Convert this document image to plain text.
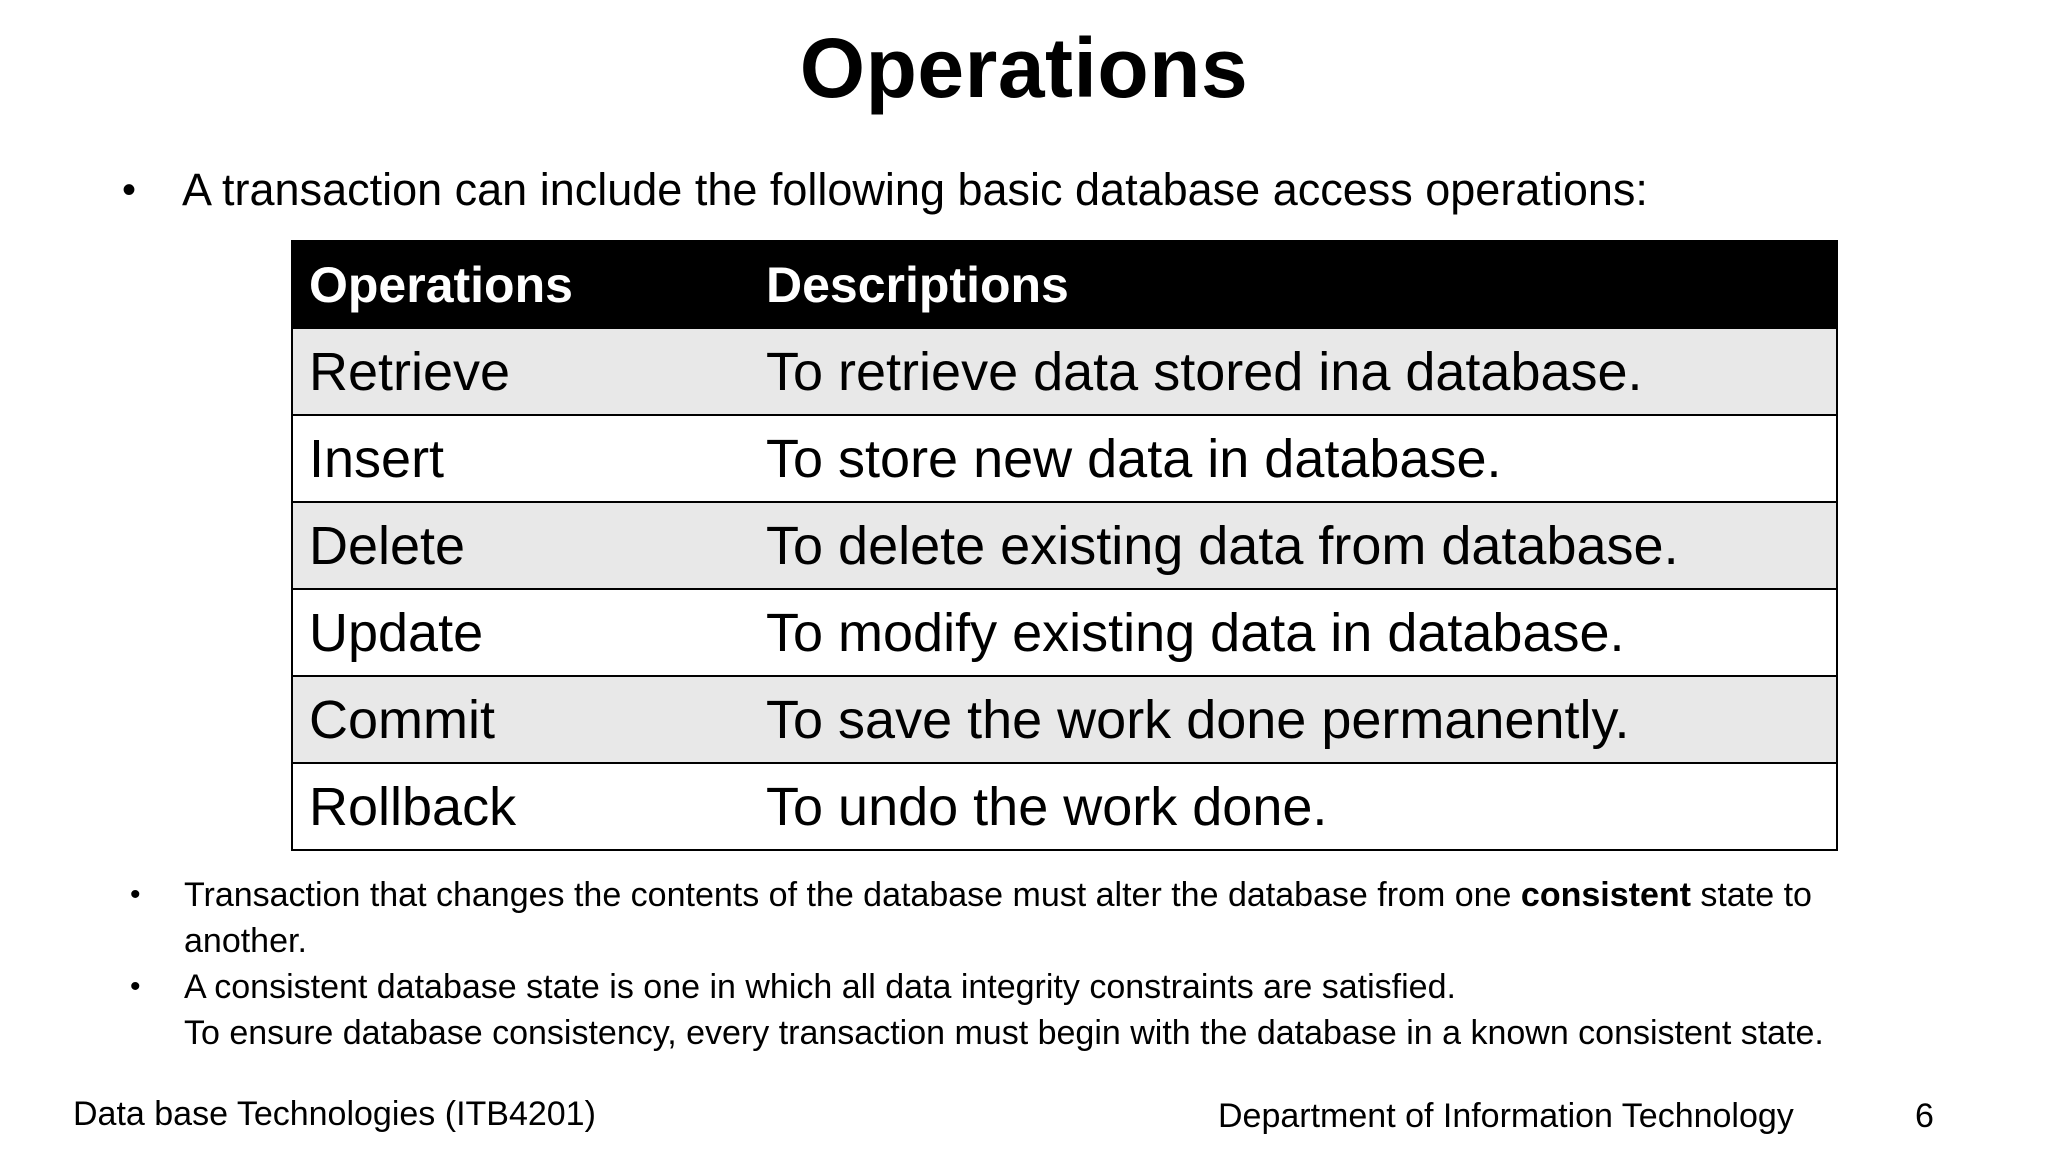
Operations
•	A transaction can include the following basic database access operations:
Operations	Descriptions
Retrieve	To retrieve data stored ina database.
Insert	To store new data in database.
Delete	To delete existing data from database.
Update	To modify existing data in database.
Commit	To save the work done permanently.
Rollback	To undo the work done.
•	Transaction that changes the contents of the database must alter the database from one consistent state to another.
•	A consistent database state is one in which all data integrity constraints are satisfied.
To ensure database consistency, every transaction must begin with the database in a known consistent state.
Data base Technologies (ITB4201)	Department of Information Technology	6
